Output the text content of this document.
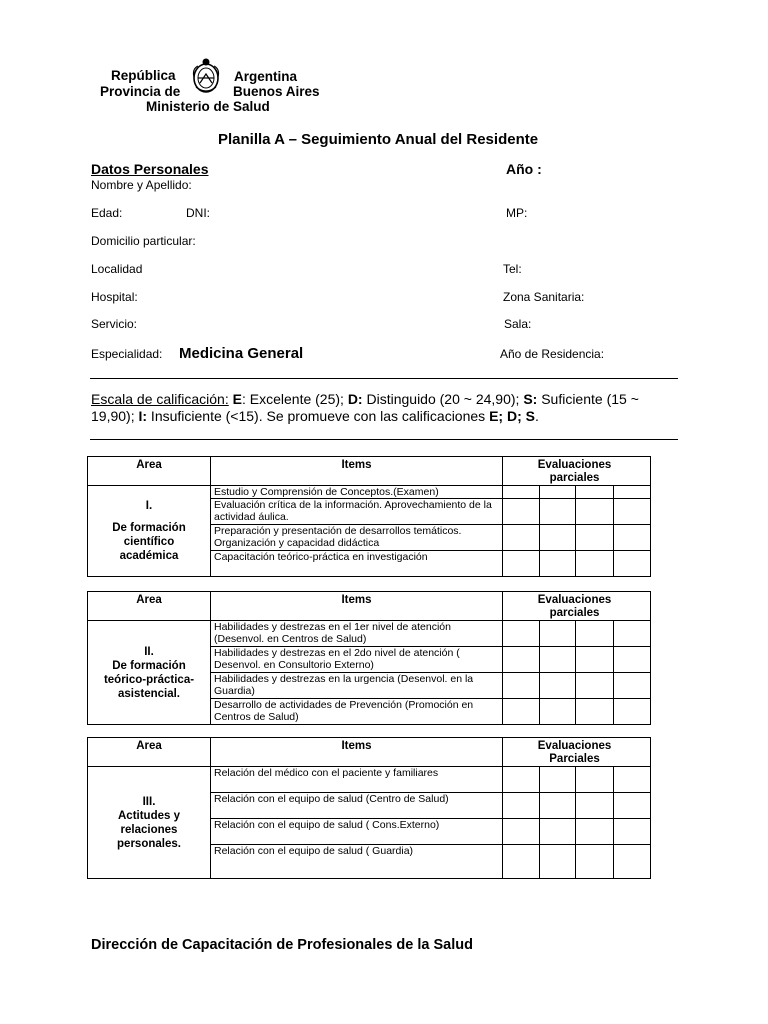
República	Argentina
Provincia de	Buenos Aires
Ministerio de Salud
Planilla A – Seguimiento Anual del Residente
Datos Personales	Año :
Nombre y Apellido:
Edad:	DNI:	MP:
Domicilio particular:
Localidad	Tel:
Hospital:	Zona Sanitaria:
Servicio:	Sala:
Especialidad: Medicina General	Año de Residencia:
Escala de calificación: E: Excelente (25); D: Distinguido (20 ~ 24,90); S: Suficiente (15 ~
19,90); I: Insuficiente (<15). Se promueve con las calificaciones E; D; S.
Area	Items	Evaluaciones parciales			

I.
De formación científico académica	Estudio y Comprensión de Conceptos.(Examen)				
	Evaluación crítica de la información. Aprovechamiento de la actividad áulica.				
	Preparación y presentación de desarrollos temáticos. Organización y capacidad didáctica				
	Capacitación teórico-práctica en investigación				
Area	Items	Evaluaciones parciales			

II.
De formación teórico-práctica-asistencial.	Habilidades y destrezas en el 1er nivel de atención (Desenvol. en Centros de Salud)				
	Habilidades y destrezas en el 2do nivel de atención ( Desenvol. en Consultorio Externo)				
	Habilidades y destrezas en la urgencia (Desenvol. en la Guardia)				
	Desarrollo de actividades de Prevención (Promoción en Centros de Salud)				
Area	Items	Evaluaciones Parciales			

III.
Actitudes y relaciones personales.	Relación del médico con el paciente y familiares				
	Relación con el equipo de salud (Centro de Salud)				
	Relación con el equipo de salud ( Cons.Externo)				
	Relación con el equipo de salud ( Guardia)				
Dirección de Capacitación de Profesionales de la Salud
